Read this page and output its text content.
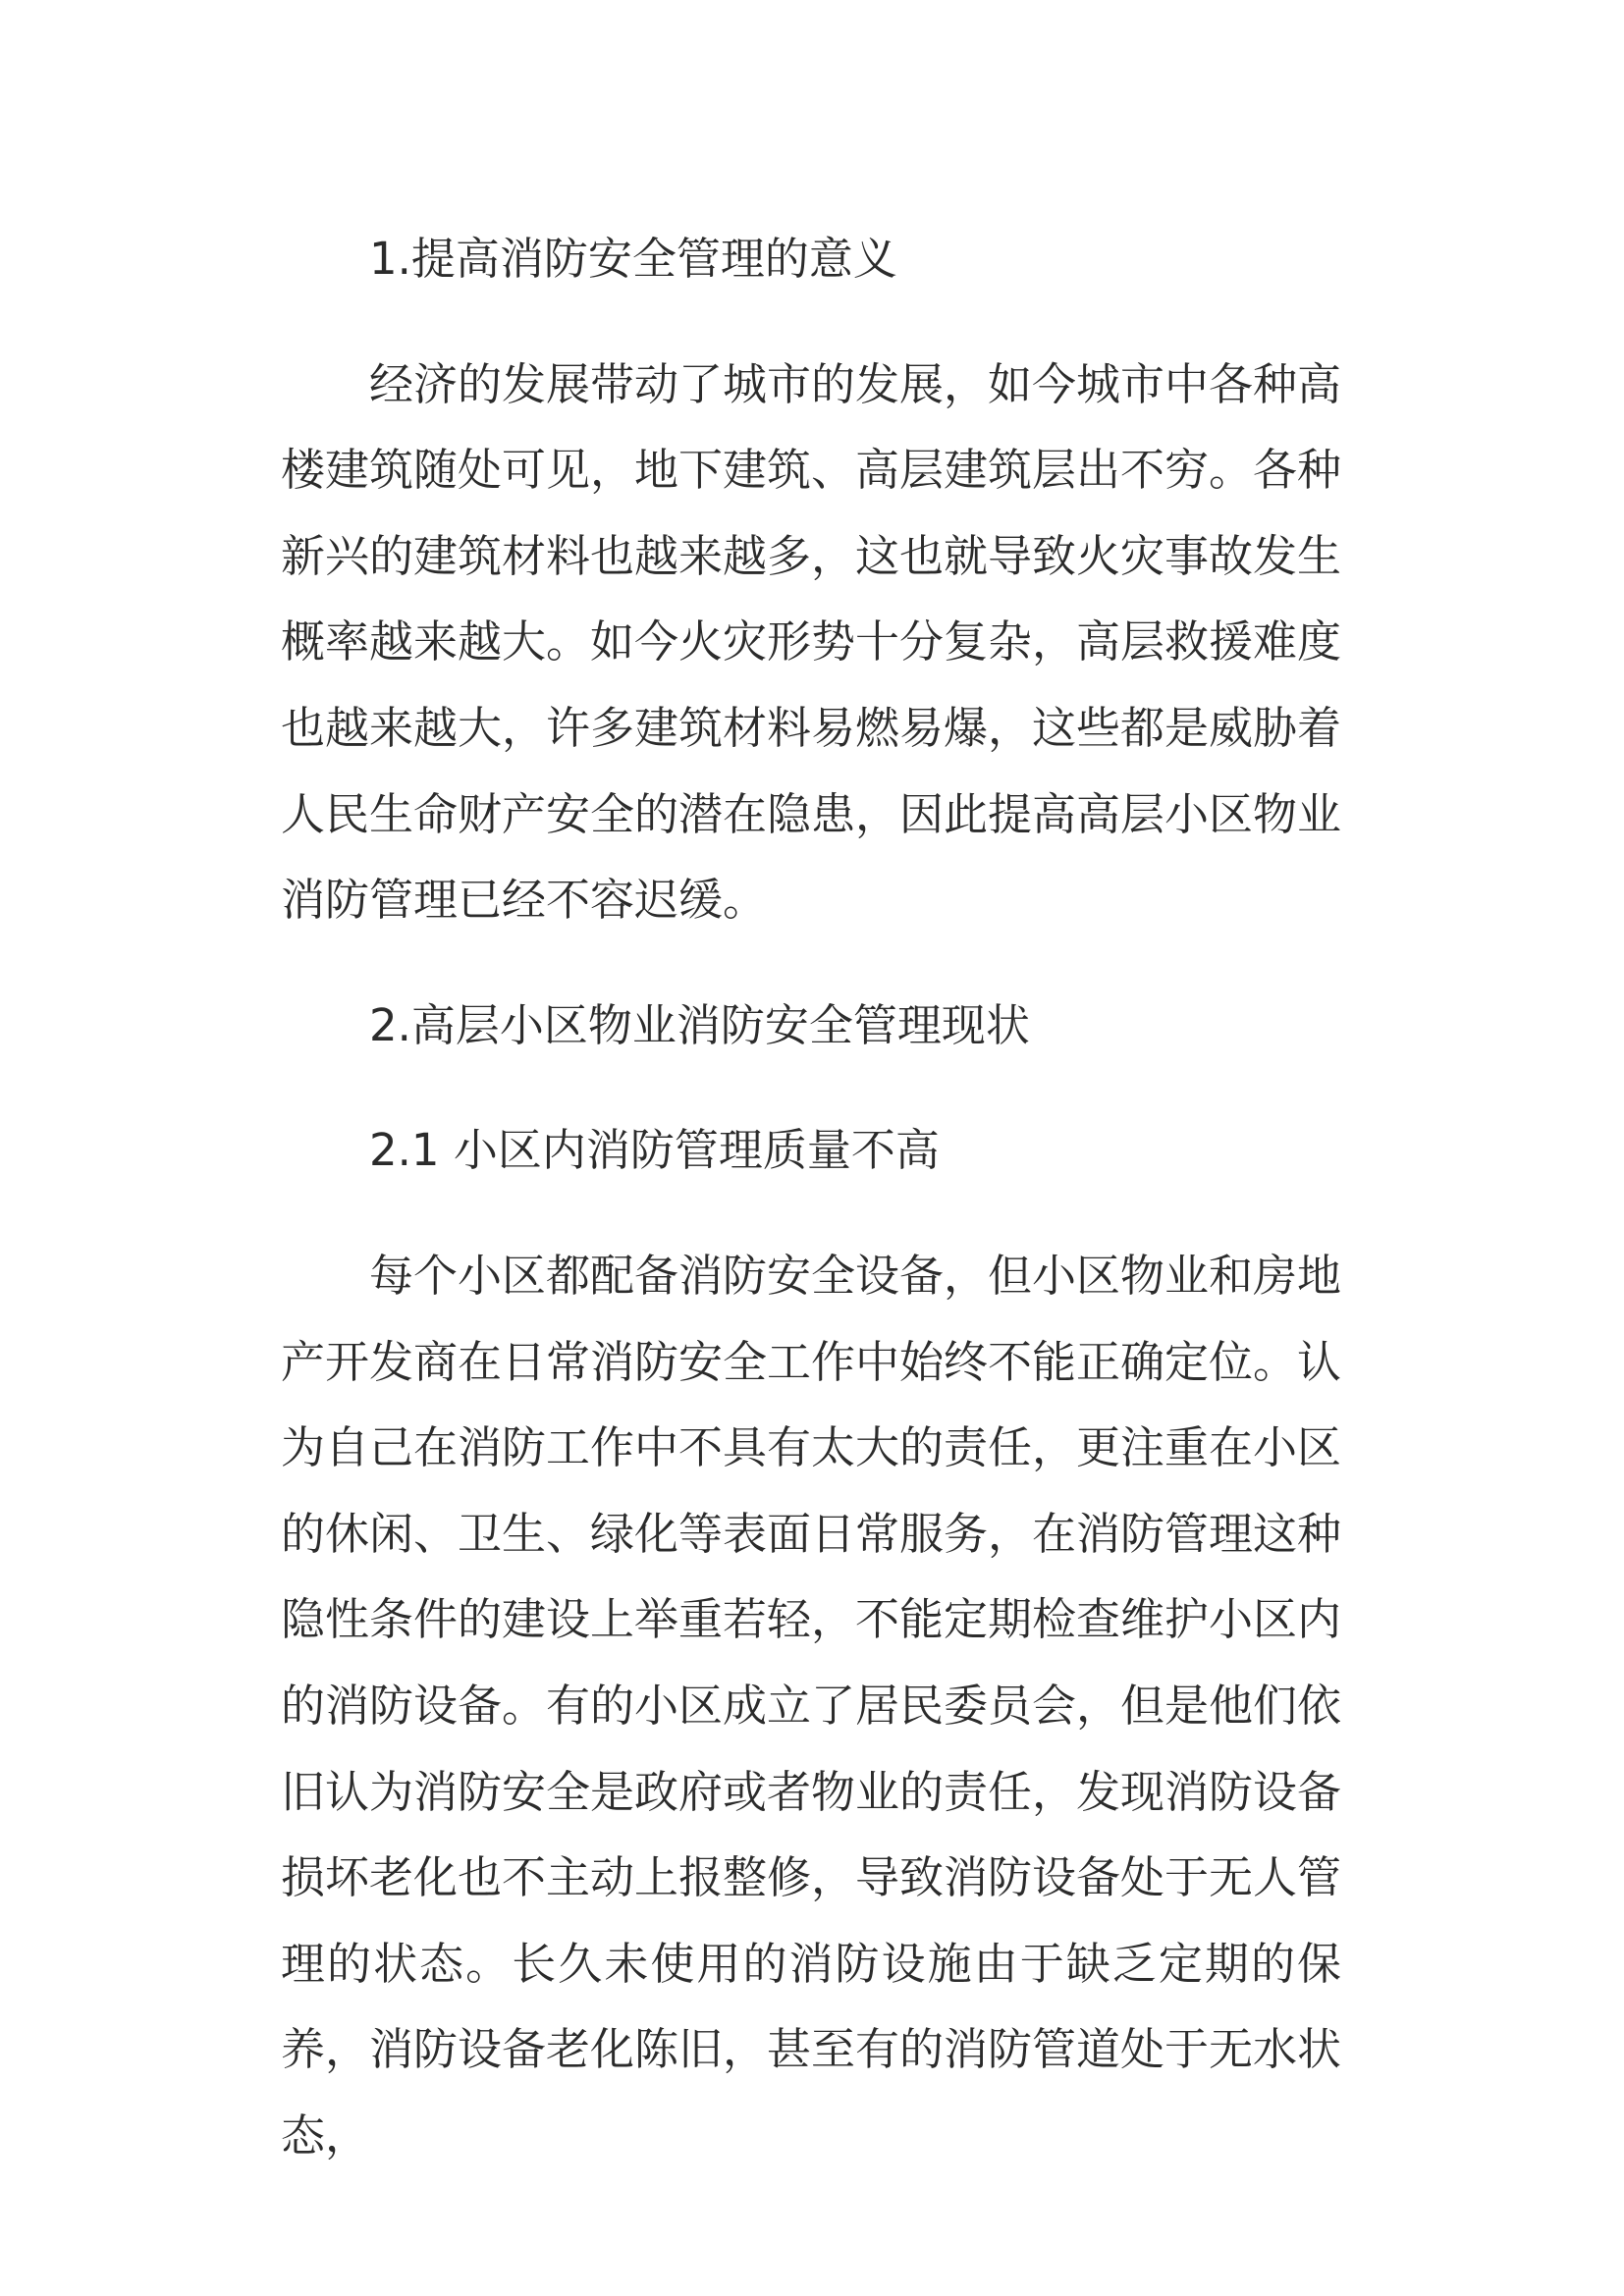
1.提高消防安全管理的意义

经济的发展带动了城市的发展，如今城市中各种高楼建筑随处可见，地下建筑、高层建筑层出不穷。各种新兴的建筑材料也越来越多，这也就导致火灾事故发生概率越来越大。如今火灾形势十分复杂，高层救援难度也越来越大，许多建筑材料易燃易爆，这些都是威胁着人民生命财产安全的潜在隐患，因此提高高层小区物业消防管理已经不容迟缓。

2.高层小区物业消防安全管理现状
2.1 小区内消防管理质量不高

每个小区都配备消防安全设备，但小区物业和房地产开发商在日常消防安全工作中始终不能正确定位。认为自己在消防工作中不具有太大的责任，更注重在小区的休闲、卫生、绿化等表面日常服务，在消防管理这种隐性条件的建设上举重若轻，不能定期检查维护小区内的消防设备。有的小区成立了居民委员会，但是他们依旧认为消防安全是政府或者物业的责任，发现消防设备损坏老化也不主动上报整修，导致消防设备处于无人管理的状态。长久未使用的消防设施由于缺乏定期的保养，消防设备老化陈旧，甚至有的消防管道处于无水状态，
